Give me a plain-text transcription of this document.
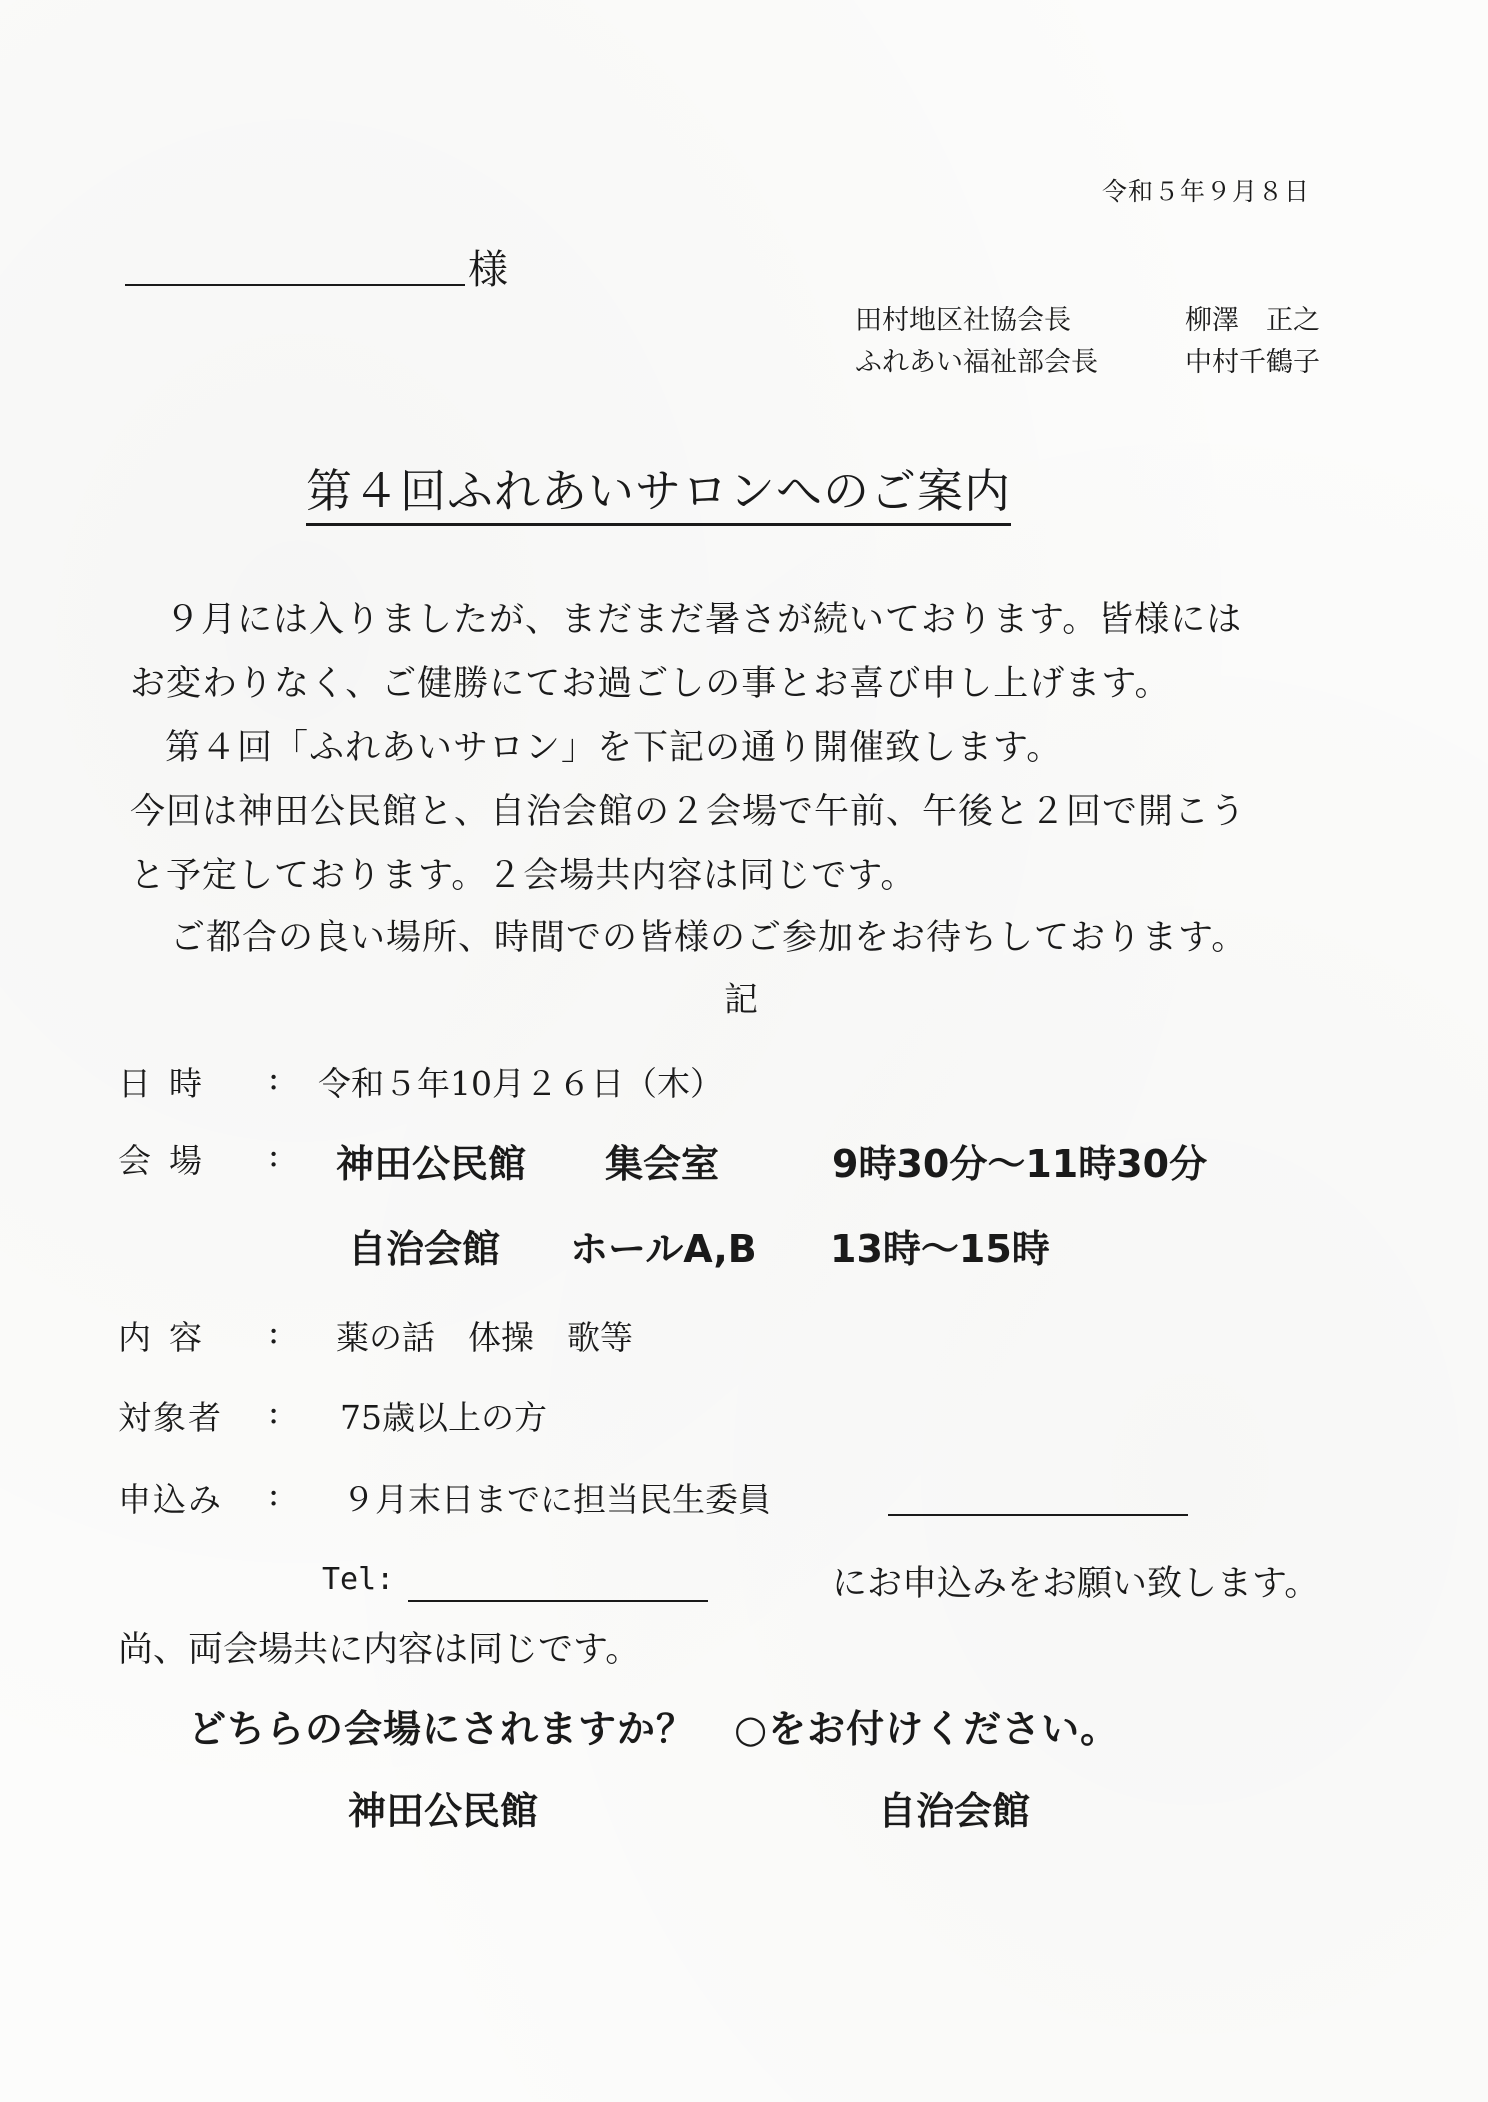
令和５年９月８日
様
田村地区社協会長	柳澤　正之
ふれあい福祉部会長	中村千鶴子
第４回ふれあいサロンへのご案内
９月には入りましたが、まだまだ暑さが続いております。皆様には
お変わりなく、ご健勝にてお過ごしの事とお喜び申し上げます。
第４回「ふれあいサロン」を下記の通り開催致します。
今回は神田公民館と、自治会館の２会場で午前、午後と２回で開こう
と予定しております。２会場共内容は同じです。
ご都合の良い場所、時間での皆様のご参加をお待ちしております。
記
日時 : 令和５年10月２６日（木）
会場 : 神田公民館 集会室	9時30分～11時30分
自治会館 ホールA,B 13時～15時
内容 : 薬の話　体操　歌等
対象者 : 75歳以上の方
申込み : ９月末日までに担当民生委員
Tel:	にお申込みをお願い致します。
尚、両会場共に内容は同じです。
どちらの会場にされますか？　○をお付けください。
神田公民館	自治会館
